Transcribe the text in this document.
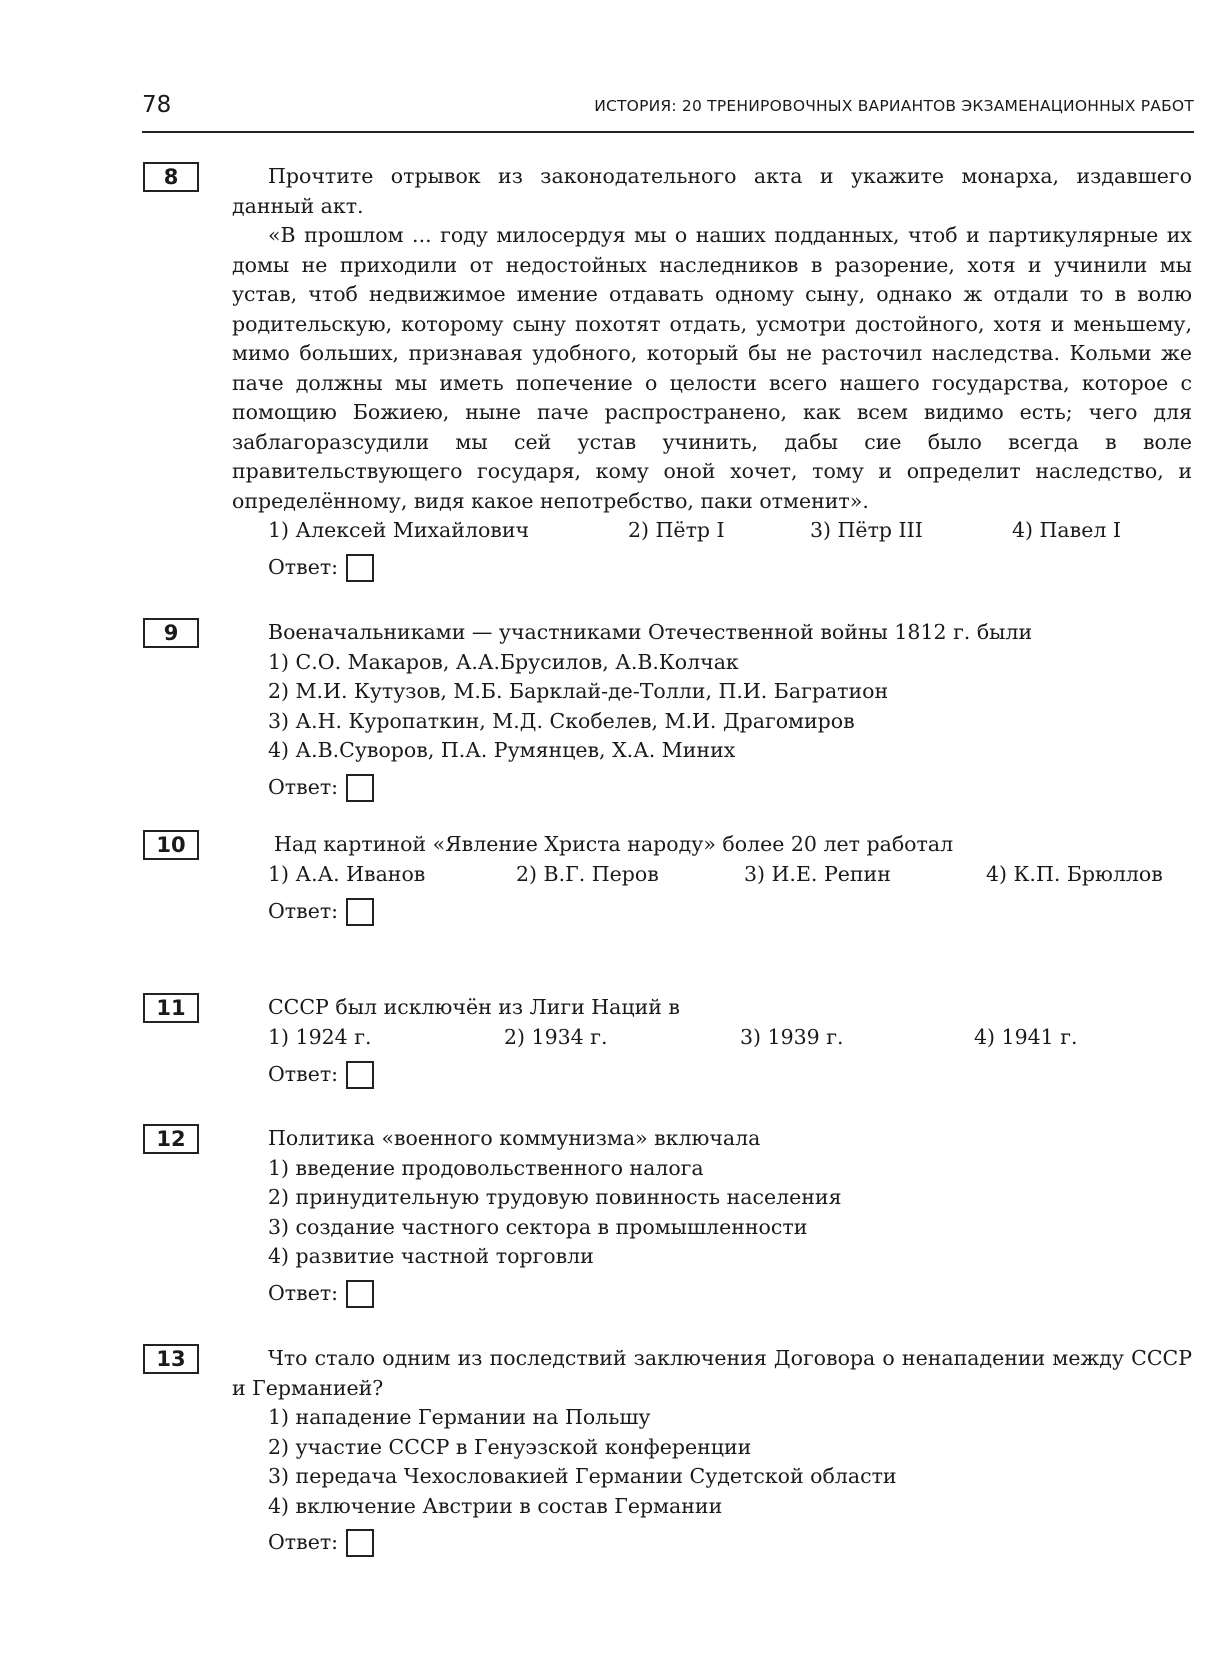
78	ИСТОРИЯ: 20 ТРЕНИРОВОЧНЫХ ВАРИАНТОВ ЭКЗАМЕНАЦИОННЫХ РАБОТ
8	Прочтите отрывок из законодательного акта и укажите монарха, издавшего данный акт.

«В прошлом ... году милосердуя мы о наших подданных, чтоб и партикулярные их домы не приходили от недостойных наследников в разорение, хотя и учинили мы устав, чтоб недвижимое имение отдавать одному сыну, однако ж отдали то в волю родительскую, которому сыну похотят отдать, усмотри достойного, хотя и меньшему, мимо больших, признавая удобного, который бы не расточил наследства. Кольми же паче должны мы иметь попечение о целости всего нашего государства, которое с помощию Божиею, ныне паче распространено, как всем видимо есть; чего для заблагоразсудили мы сей устав учинить, дабы сие было всегда в воле правительствующего государя, кому оной хочет, тому и определит наследство, и определённому, видя какое непотребство, паки отменит».

1) Алексей Михайлович	2) Пётр I	3) Пётр III	4) Павел I
Ответ:
9	Военачальниками — участниками Отечественной войны 1812 г. были

1) С.О. Макаров, А.А.Брусилов, А.В.Колчак

2) М.И. Кутузов, М.Б. Барклай-де-Толли, П.И. Багратион

3) А.Н. Куропаткин, М.Д. Скобелев, М.И. Драгомиров

4) А.В.Суворов, П.А. Румянцев, Х.А. Миних

Ответ:
10	Над картиной «Явление Христа народу» более 20 лет работал

1) А.А. Иванов	2) В.Г. Перов	3) И.Е. Репин	4) К.П. Брюллов
Ответ:
11	СССР был исключён из Лиги Наций в

1) 1924 г.	2) 1934 г.	3) 1939 г.	4) 1941 г.
Ответ:
12	Политика «военного коммунизма» включала

1) введение продовольственного налога

2) принудительную трудовую повинность населения

3) создание частного сектора в промышленности

4) развитие частной торговли

Ответ:
13	Что стало одним из последствий заключения Договора о ненападении между СССР и Германией?

1) нападение Германии на Польшу

2) участие СССР в Генуэзской конференции

3) передача Чехословакией Германии Судетской области

4) включение Австрии в состав Германии

Ответ:
